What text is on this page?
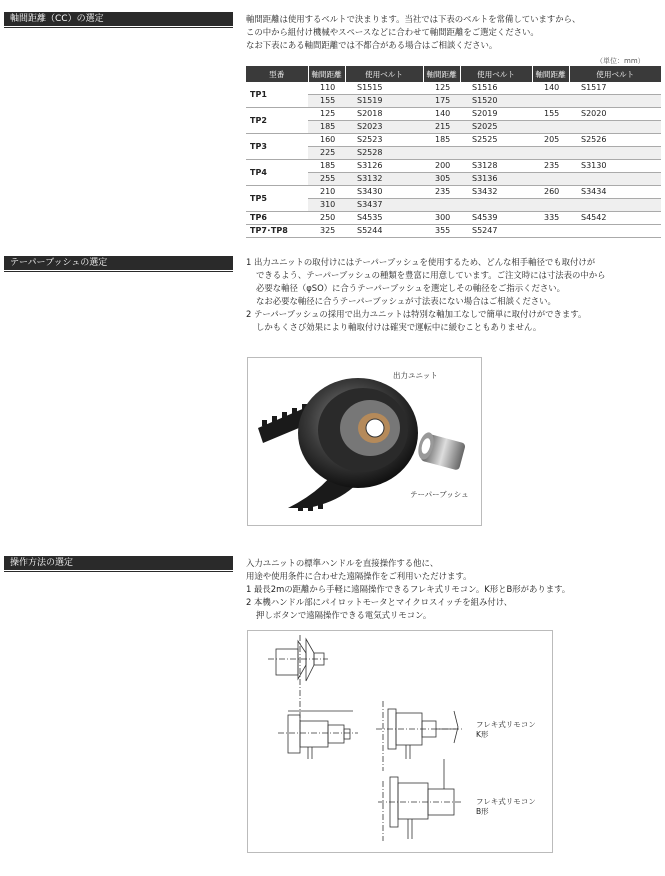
軸間距離（CC）の選定	軸間距離は使用するベルトで決まります。当社では下表のベルトを常備していますから、

この中から組付け機械やスペースなどに合わせて軸間距離をご選定ください。

なお下表にある軸間距離では不都合がある場合はご相談ください。

（単位：mm）
型番	軸間距離	使用ベルト	軸間距離	使用ベルト	軸間距離	使用ベルト
TP1	110	S1515	125	S1516	140	S1517
	155	S1519	175	S1520		
TP2	125	S2018	140	S2019	155	S2020
	185	S2023	215	S2025		
TP3	160	S2523	185	S2525	205	S2526
	225	S2528				
TP4	185	S3126	200	S3128	235	S3130
	255	S3132	305	S3136		
TP5	210	S3430	235	S3432	260	S3434
	310	S3437				
TP6	250	S4535	300	S4539	335	S4542
TP7･TP8	325	S5244	355	S5247		
テーパーブッシュの選定	1 出力ユニットの取付けにはテーパーブッシュを使用するため、どんな相手軸径でも取付けが

できるよう、テーパーブッシュの種類を豊富に用意しています。ご注文時には寸法表の中から

必要な軸径（φSO）に合うテーパーブッシュを選定しその軸径をご指示ください。

なお必要な軸径に合うテーパーブッシュが寸法表にない場合はご相談ください。

2 テーパーブッシュの採用で出力ユニットは特別な軸加工なしで簡単に取付けができます。

しかもくさび効果により軸取付けは確実で運転中に緩むこともありません。

出力ユニット
テーパーブッシュ
操作方法の選定	入力ユニットの標準ハンドルを直接操作する他に、

用途や使用条件に合わせた遠隔操作をご利用いただけます。

1 最長2mの距離から手軽に遠隔操作できるフレキ式リモコン。K形とB形があります。

2 本機ハンドル部にパイロットモータとマイクロスイッチを組み付け、

押しボタンで遠隔操作できる電気式リモコン。

フレキ式リモコン
K形
フレキ式リモコン
B形
